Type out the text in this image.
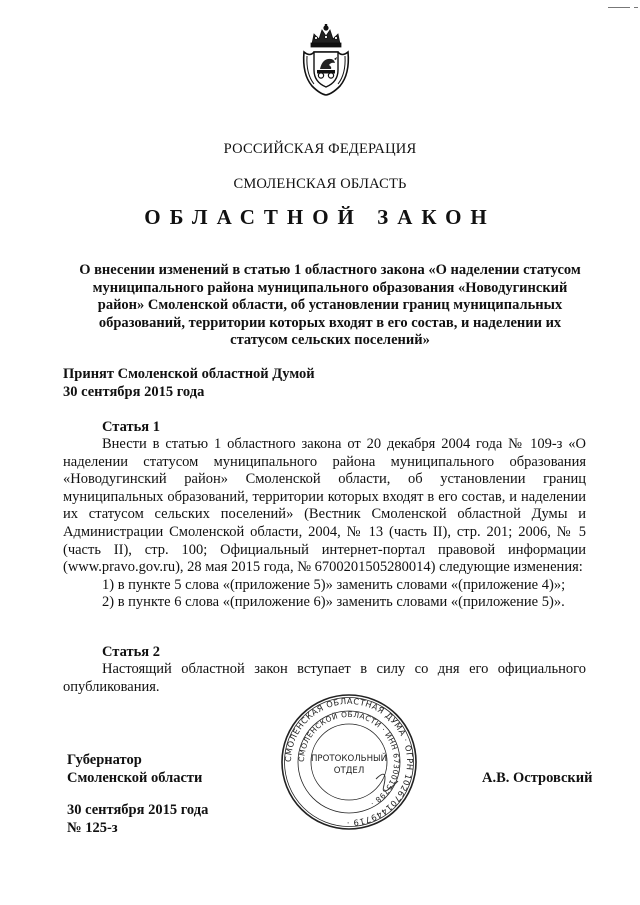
РОССИЙСКАЯ ФЕДЕРАЦИЯ
СМОЛЕНСКАЯ ОБЛАСТЬ
ОБЛАСТНОЙ ЗАКОН
О внесении изменений в статью 1 областного закона «О наделении статусом
муниципального района муниципального образования «Новодугинский
район» Смоленской области, об установлении границ муниципальных
образований, территории которых входят в его состав, и наделении их
статусом сельских поселений»
Принят Смоленской областной Думой
30 сентября 2015 года
Статья 1

Внести в статью 1 областного закона от 20 декабря 2004 года № 109-з «О наделении статусом муниципального района муниципального образования «Новодугинский район» Смоленской области, об установлении границ муниципальных образований, территории которых входят в его состав, и наделении их статусом сельских поселений» (Вестник Смоленской областной Думы и Администрации Смоленской области, 2004, № 13 (часть II), стр. 201; 2006, № 5 (часть II), стр. 100; Официальный интернет-портал правовой информации (www.pravo.gov.ru), 28 мая 2015 года, № 6700201505280014) следующие изменения:

1) в пункте 5 слова «(приложение 5)» заменить словами «(приложение 4)»;

2) в пункте 6 слова «(приложение 6)» заменить словами «(приложение 5)».

Статья 2

Настоящий областной закон вступает в силу со дня его официального опубликования.

Губернатор
Смоленской области	А.В. Островский
30 сентября 2015 года
№ 125-з
СМОЛЕНСКАЯ ОБЛАСТНАЯ ДУМА · ОГРН 1026701449719 ·
СМОЛЕНСКОЙ ОБЛАСТИ · ИНН 6730015798 ·
ПРОТОКОЛЬНЫЙ
ОТДЕЛ
